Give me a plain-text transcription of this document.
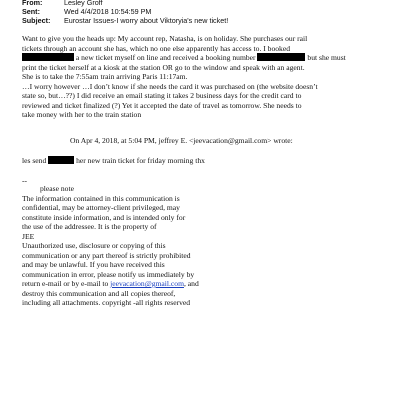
From:	Lesley Groff
Sent:	Wed 4/4/2018 10:54:59 PM
Subject: Eurostar Issues-I worry about Viktoryia's new ticket!
Want to give you the heads up: My account rep, Natasha, is on holiday. She purchases our rail
tickets through an account she has, which no one else apparently has access to. I booked
a new ticket myself on line and received a booking number	but she must
print the ticket herself at a kiosk at the station OR go to the window and speak with an agent.
She is to take the 7:55am train arriving Paris 11:17am.
…I worry however …I don’t know if she needs the card it was purchased on (the website doesn’t
state so, but…??) I did receive an email stating it takes 2 business days for the credit card to
reviewed and ticket finalized (?) Yet it accepted the date of travel as tomorrow. She needs to
take money with her to the train station
On Apr 4, 2018, at 5:04 PM, jeffrey E. <jeevacation@gmail.com> wrote:
les send	her new train ticket for friday morning thx
--
please note
The information contained in this communication is
confidential, may be attorney-client privileged, may
constitute inside information, and is intended only for
the use of the addressee. It is the property of
JEE
Unauthorized use, disclosure or copying of this
communication or any part thereof is strictly prohibited
and may be unlawful. If you have received this
communication in error, please notify us immediately by
return e-mail or by e-mail to jeevacation@gmail.com, and
destroy this communication and all copies thereof,
including all attachments. copyright -all rights reserved
